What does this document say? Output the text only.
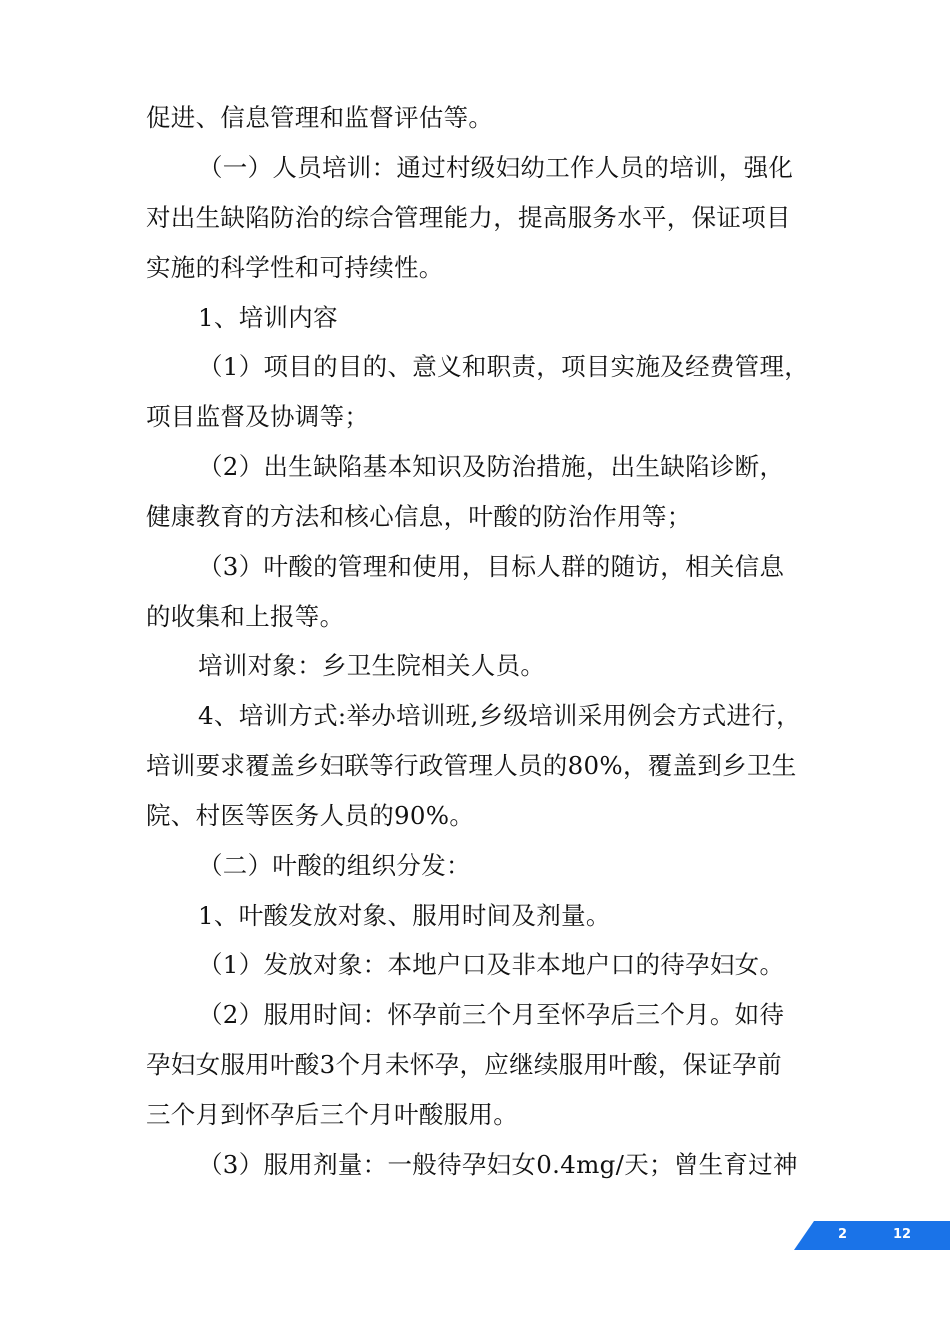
促进、信息管理和监督评估等。
（一）人员培训：通过村级妇幼工作人员的培训，强化
对出生缺陷防治的综合管理能力，提高服务水平，保证项目
实施的科学性和可持续性。
1、培训内容
（1）项目的目的、意义和职责，项目实施及经费管理，
项目监督及协调等；
（2）出生缺陷基本知识及防治措施，出生缺陷诊断，
健康教育的方法和核心信息，叶酸的防治作用等；
（3）叶酸的管理和使用，目标人群的随访，相关信息
的收集和上报等。
培训对象：乡卫生院相关人员。
4、培训方式:举办培训班,乡级培训采用例会方式进行，
培训要求覆盖乡妇联等行政管理人员的80%，覆盖到乡卫生
院、村医等医务人员的90%。
（二）叶酸的组织分发：
1、叶酸发放对象、服用时间及剂量。
（1）发放对象：本地户口及非本地户口的待孕妇女。
（2）服用时间：怀孕前三个月至怀孕后三个月。如待
孕妇女服用叶酸3个月未怀孕，应继续服用叶酸，保证孕前
三个月到怀孕后三个月叶酸服用。
（3）服用剂量：一般待孕妇女0.4mg/天；曾生育过神
2	12
